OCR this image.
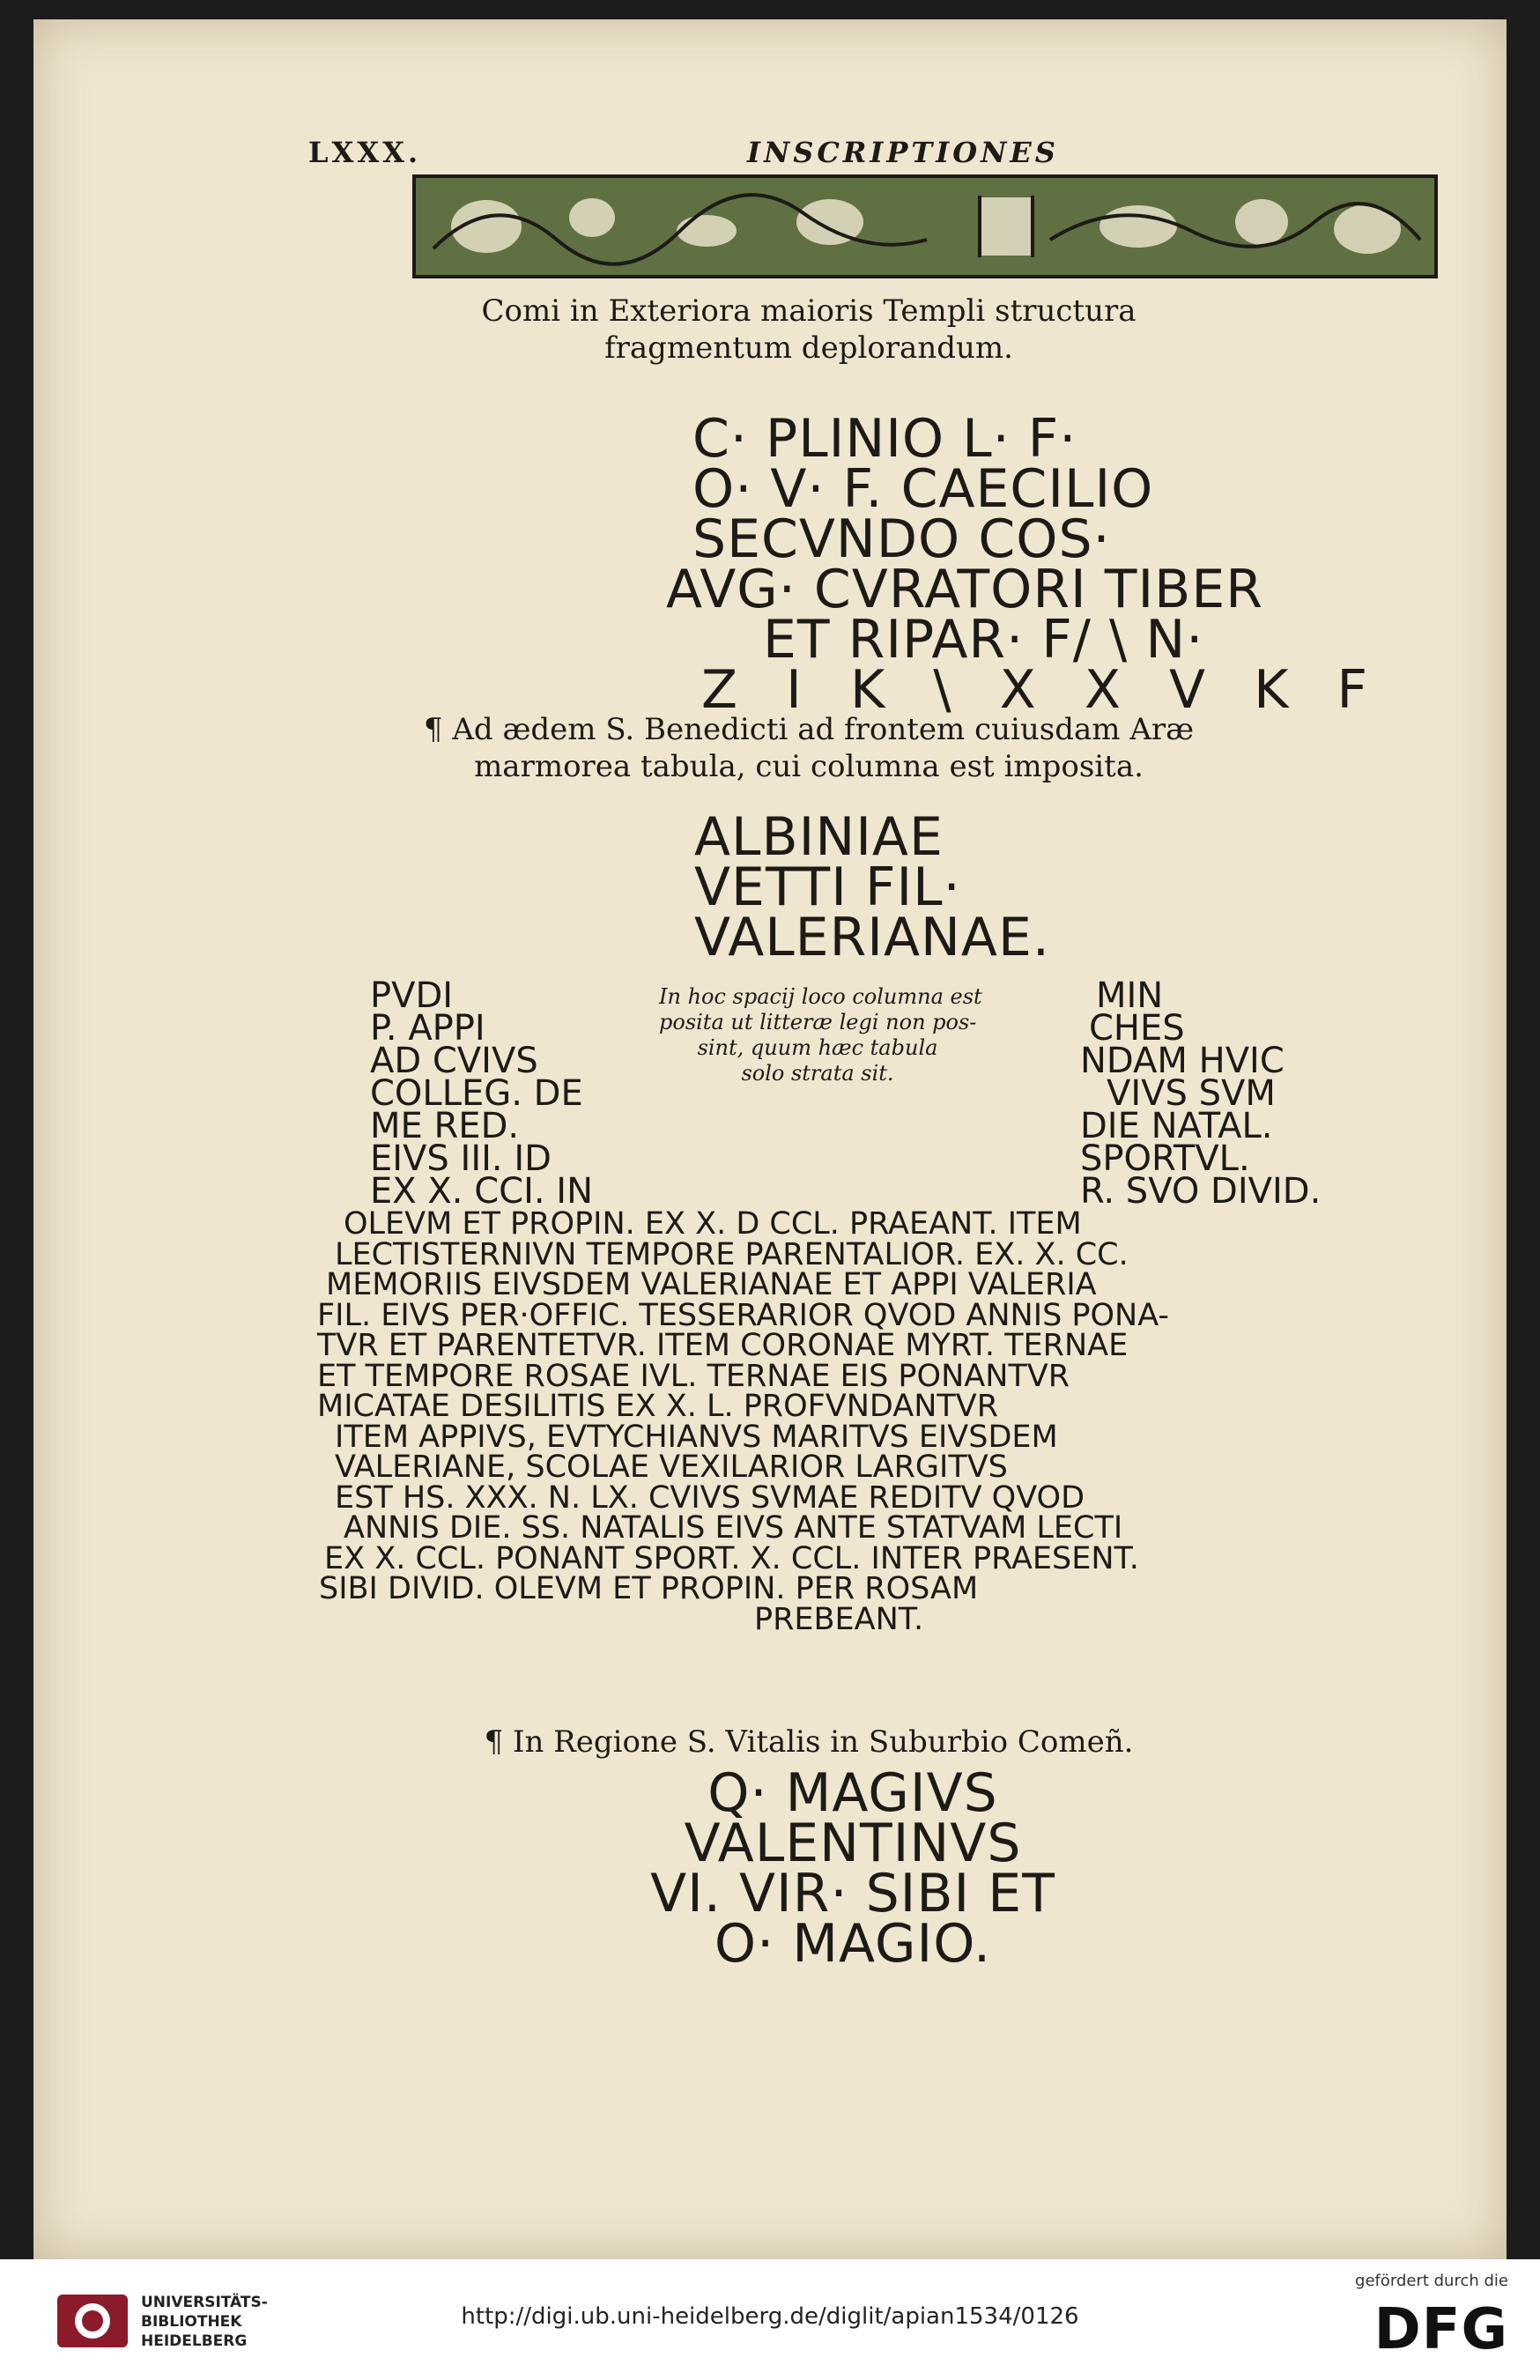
LXXX.	INSCRIPTIONES
Comi in Exteriora maioris Templi structura
fragmentum deplorandum.
C· PLINIO L· F·
O· V· F. CAECILIO
SECVNDO COS·
AVG· CVRATORI TIBER
ET RIPAR· F/ \ N·
Z I K \ X X V K F
¶ Ad ædem S. Benedicti ad frontem cuiusdam Aræ
marmorea tabula, cui columna est imposita.
ALBINIAE
VETTI FIL·
VALERIANAE.
PVDI
P. APPI
AD CVIVS
COLLEG. DE
ME RED.
EIVS III. ID
EX X. CCI. IN
In hoc spacij loco columna est
posita ut litteræ legi non pos-
sint, quum hæc tabula
solo strata sit.
MIN
CHES
NDAM HVIC
VIVS SVM
DIE NATAL.
SPORTVL.
R. SVO DIVID.
OLEVM ET PROPIN. EX X. D CCL. PRAEANT. ITEM
LECTISTERNIVN TEMPORE PARENTALIOR. EX. X. CC.
MEMORIIS EIVSDEM VALERIANAE ET APPI VALERIA
FIL. EIVS PER·OFFIC. TESSERARIOR QVOD ANNIS PONA-
TVR ET PARENTETVR. ITEM CORONAE MYRT. TERNAE
ET TEMPORE ROSAE IVL. TERNAE EIS PONANTVR
MICATAE DESILITIS EX X. L. PROFVNDANTVR
ITEM APPIVS, EVTYCHIANVS MARITVS EIVSDEM
VALERIANE, SCOLAE VEXILARIOR LARGITVS
EST HS. XXX. N. LX. CVIVS SVMAE REDITV QVOD
ANNIS DIE. SS. NATALIS EIVS ANTE STATVAM LECTI
EX X. CCL. PONANT SPORT. X. CCL. INTER PRAESENT.
SIBI DIVID. OLEVM ET PROPIN. PER ROSAM
PREBEANT.
¶ In Regione S. Vitalis in Suburbio Comeñ.
Q· MAGIVS
VALENTINVS
VI. VIR· SIBI ET
O· MAGIO.
UNIVERSITÄTS-
BIBLIOTHEK
HEIDELBERG
http://digi.ub.uni-heidelberg.de/diglit/apian1534/0126
gefördert durch die
DFG
